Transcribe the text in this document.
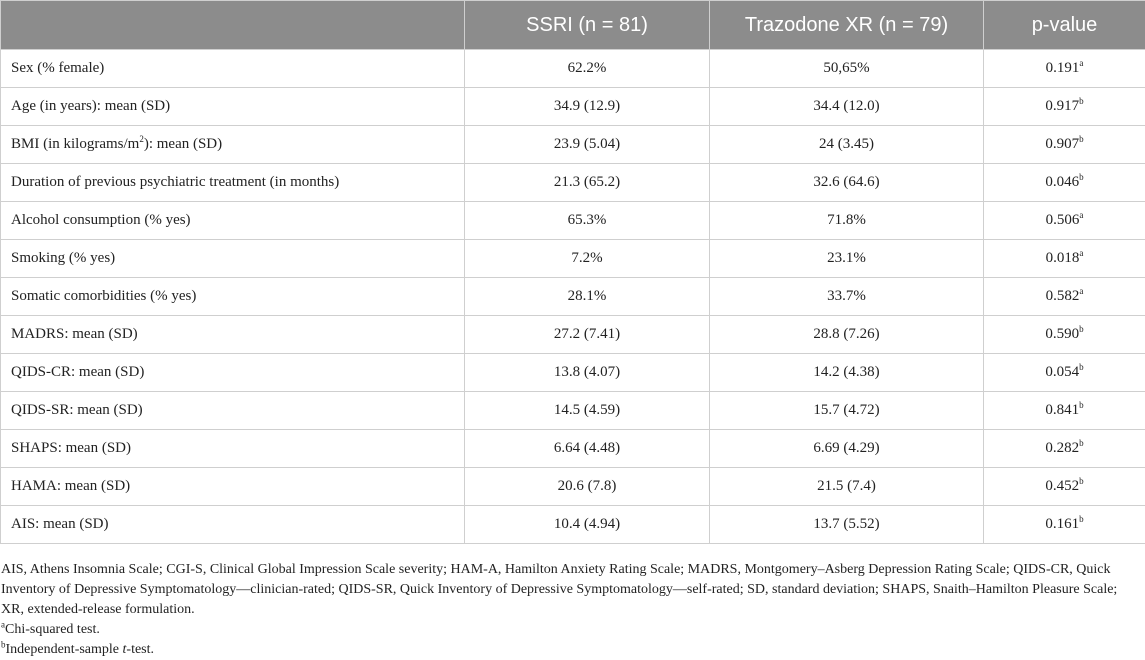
	SSRI (n = 81)	Trazodone XR (n = 79)	p-value
Sex (% female)	62.2%	50,65%	0.191$^a$
Age (in years): mean (SD)	34.9 (12.9)	34.4 (12.0)	0.917$^b$
BMI (in kilograms/$m^2$): mean (SD)	23.9 (5.04)	24 (3.45)	0.907$^b$
Duration of previous psychiatric treatment (in months)	21.3 (65.2)	32.6 (64.6)	0.046$^b$
Alcohol consumption (% yes)	65.3%	71.8%	0.506$^a$
Smoking (% yes)	7.2%	23.1%	0.018$^a$
Somatic comorbidities (% yes)	28.1%	33.7%	0.582$^a$
MADRS: mean (SD)	27.2 (7.41)	28.8 (7.26)	0.590$^b$
QIDS-CR: mean (SD)	13.8 (4.07)	14.2 (4.38)	0.054$^b$
QIDS-SR: mean (SD)	14.5 (4.59)	15.7 (4.72)	0.841$^b$
SHAPS: mean (SD)	6.64 (4.48)	6.69 (4.29)	0.282$^b$
HAMA: mean (SD)	20.6 (7.8)	21.5 (7.4)	0.452$^b$
AIS: mean (SD)	10.4 (4.94)	13.7 (5.52)	0.161$^b$

AIS, Athens Insomnia Scale; CGI-S, Clinical Global Impression Scale severity; HAM-A, Hamilton Anxiety Rating Scale; MADRS, Montgomery–Asberg Depression Rating Scale; QIDS-CR, Quick Inventory of Depressive Symptomatology—clinician-rated; QIDS-SR, Quick Inventory of Depressive Symptomatology—self-rated; SD, standard deviation; SHAPS, Snaith–Hamilton Pleasure Scale; XR, extended-release formulation.

$^a$Chi-squared test.

$^b$Independent-sample t-test.
